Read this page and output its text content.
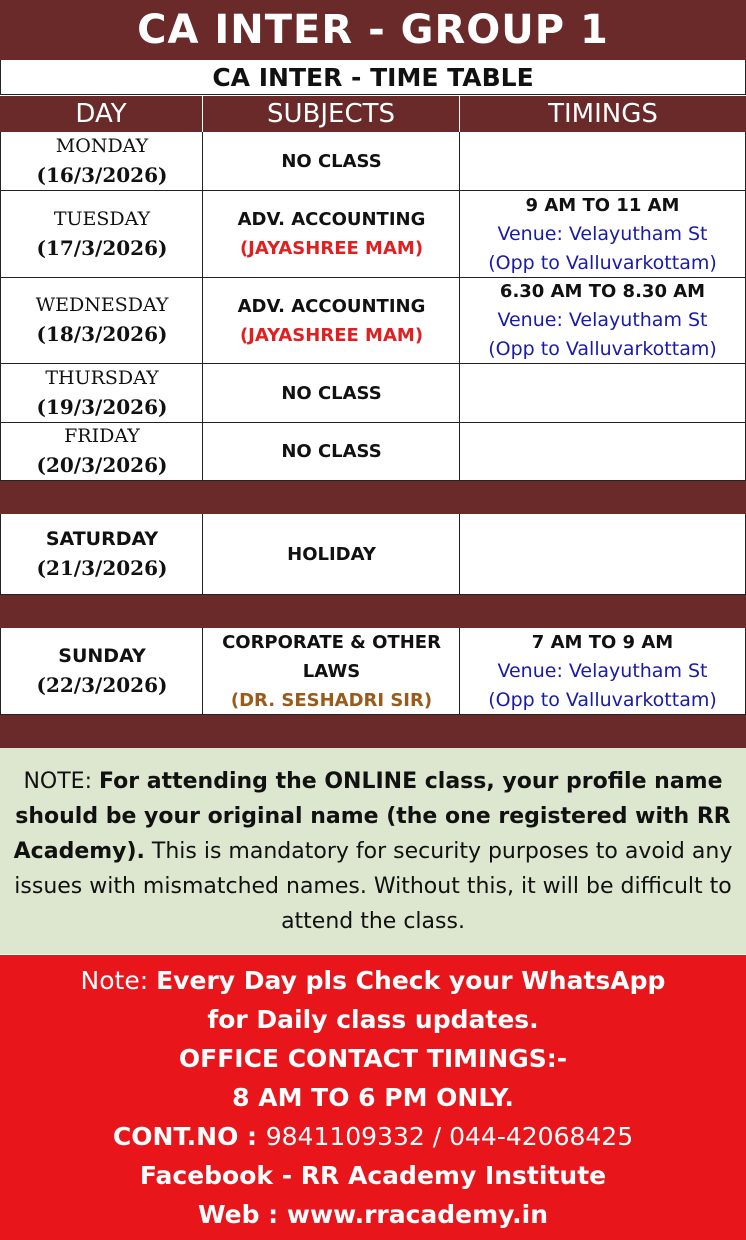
CA INTER - GROUP 1
CA INTER - TIME TABLE
DAY	SUBJECTS	TIMINGS
MONDAY
(16/3/2026)
NO CLASS
TUESDAY
(17/3/2026)
ADV. ACCOUNTING
(JAYASHREE MAM)
9 AM TO 11 AM
Venue: Velayutham St
(Opp to Valluvarkottam)
WEDNESDAY
(18/3/2026)
ADV. ACCOUNTING
(JAYASHREE MAM)
6.30 AM TO 8.30 AM
Venue: Velayutham St
(Opp to Valluvarkottam)
THURSDAY
(19/3/2026)
NO CLASS
FRIDAY
(20/3/2026)
NO CLASS
SATURDAY
(21/3/2026)
HOLIDAY
SUNDAY
(22/3/2026)
CORPORATE & OTHER
LAWS
(DR. SESHADRI SIR)
7 AM TO 9 AM
Venue: Velayutham St
(Opp to Valluvarkottam)
NOTE: For attending the ONLINE class, your profile name should be your original name (the one registered with RR Academy). This is mandatory for security purposes to avoid any issues with mismatched names. Without this, it will be difficult to attend the class.
Note: Every Day pls Check your WhatsApp
for Daily class updates.
OFFICE CONTACT TIMINGS:-
8 AM TO 6 PM ONLY.
CONT.NO : 9841109332 / 044-42068425
Facebook - RR Academy Institute
Web : www.rracademy.in
